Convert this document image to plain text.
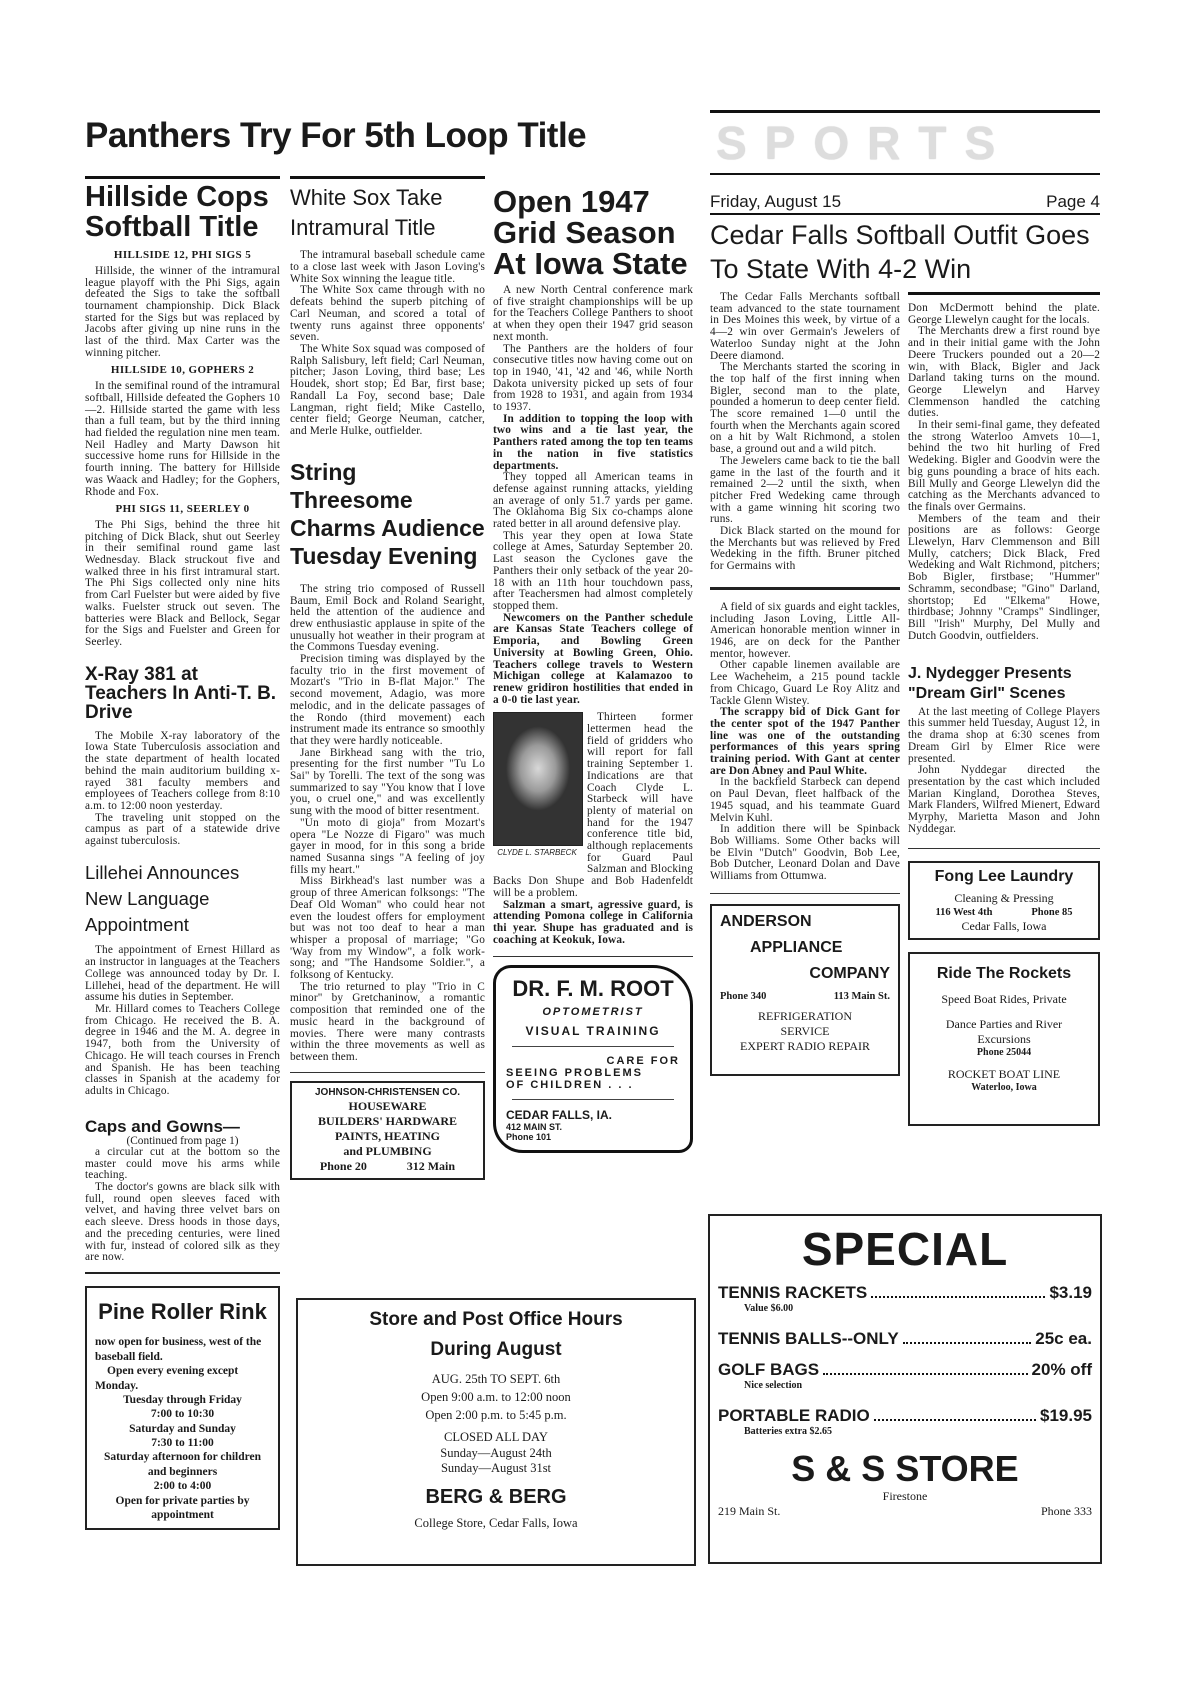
Panthers Try For 5th Loop Title	SPORTS
Friday, August 15	Page 4
Cedar Falls Softball Outfit Goes To State With 4-2 Win
Hillside Cops Softball Title

HILLSIDE 12, PHI SIGS 5

Hillside, the winner of the intramural league playoff with the Phi Sigs, again defeated the Sigs to take the softball tournament championship. Dick Black started for the Sigs but was replaced by Jacobs after giving up nine runs in the last of the third. Max Carter was the winning pitcher.

HILLSIDE 10, GOPHERS 2

In the semifinal round of the intramural softball, Hillside defeated the Gophers 10—2. Hillside started the game with less than a full team, but by the third inning had fielded the regulation nine men team. Neil Hadley and Marty Dawson hit successive home runs for Hillside in the fourth inning. The battery for Hillside was Waack and Hadley; for the Gophers, Rhode and Fox.

PHI SIGS 11, SEERLEY 0

The Phi Sigs, behind the three hit pitching of Dick Black, shut out Seerley in their semifinal round game last Wednesday. Black struckout five and walked three in his first intramural start. The Phi Sigs collected only nine hits from Carl Fuelster but were aided by five walks. Fuelster struck out seven. The batteries were Black and Bellock, Segar for the Sigs and Fuelster and Green for Seerley.

X-Ray 381 at Teachers In Anti-T. B. Drive

The Mobile X-ray laboratory of the Iowa State Tuberculosis association and the state department of health located behind the main auditorium building x-rayed 381 faculty members and employees of Teachers college from 8:10 a.m. to 12:00 noon yesterday.

The traveling unit stopped on the campus as part of a statewide drive against tuberculosis.

Lillehei Announces New Language Appointment

The appointment of Ernest Hillard as an instructor in languages at the Teachers College was announced today by Dr. I. Lillehei, head of the department. He will assume his duties in September.

Mr. Hillard comes to Teachers College from Chicago. He received the B. A. degree in 1946 and the M. A. degree in 1947, both from the University of Chicago. He will teach courses in French and Spanish. He has been teaching classes in Spanish at the academy for adults in Chicago.

Caps and Gowns—
(Continued from page 1)

a circular cut at the bottom so the master could move his arms while teaching.

The doctor's gowns are black silk with full, round open sleeves faced with velvet, and having three velvet bars on each sleeve. Dress hoods in those days, and the preceding centuries, were lined with fur, instead of colored silk as they are now.

Pine Roller Rink
now open for business, west of the baseball field.
Open every evening except Monday.
Tuesday through Friday
7:00 to 10:30
Saturday and Sunday
7:30 to 11:00
Saturday afternoon for children and beginners
2:00 to 4:00
Open for private parties by appointment
White Sox Take Intramural Title

The intramural baseball schedule came to a close last week with Jason Loving's White Sox winning the league title.

The White Sox came through with no defeats behind the superb pitching of Carl Neuman, and scored a total of twenty runs against three opponents' seven.

The White Sox squad was composed of Ralph Salisbury, left field; Carl Neuman, pitcher; Jason Loving, third base; Les Houdek, short stop; Ed Bar, first base; Randall La Foy, second base; Dale Langman, right field; Mike Castello, center field; George Neuman, catcher, and Merle Hulke, outfielder.

String Threesome Charms Audience Tuesday Evening

The string trio composed of Russell Baum, Emil Bock and Roland Searight, held the attention of the audience and drew enthusiastic applause in spite of the unusually hot weather in their program at the Commons Tuesday evening.

Precision timing was displayed by the faculty trio in the first movement of Mozart's "Trio in B-flat Major." The second movement, Adagio, was more melodic, and in the delicate passages of the Rondo (third movement) each instrument made its entrance so smoothly that they were hardly noticeable.

Jane Birkhead sang with the trio, presenting for the first number "Tu Lo Sai" by Torelli. The text of the song was summarized to say "You know that I love you, o cruel one," and was excellently sung with the mood of bitter resentment.

"Un moto di gioja" from Mozart's opera "Le Nozze di Figaro" was much gayer in mood, for in this song a bride named Susanna sings "A feeling of joy fills my heart."

Miss Birkhead's last number was a group of three American folksongs: "The Deaf Old Woman" who could hear not even the loudest offers for employment but was not too deaf to hear a man whisper a proposal of marriage; "Go 'Way from my Window", a folk work-song; and "The Handsome Soldier.", a folksong of Kentucky.

The trio returned to play "Trio in C minor" by Gretchaninow, a romantic composition that reminded one of the music heard in the background of movies. There were many contrasts within the three movements as well as between them.

JOHNSON-CHRISTENSEN CO.
HOUSEWARE
BUILDERS' HARDWARE
PAINTS, HEATING
and PLUMBING
Phone 20	312 Main
Open 1947 Grid Season At Iowa State

A new North Central conference mark of five straight championships will be up for the Teachers College Panthers to shoot at when they open their 1947 grid season next month.

The Panthers are the holders of four consecutive titles now having come out on top in 1940, '41, '42 and '46, while North Dakota university picked up sets of four from 1928 to 1931, and again from 1934 to 1937.

In addition to topping the loop with two wins and a tie last year, the Panthers rated among the top ten teams in the nation in five statistics departments.

They topped all American teams in defense against running attacks, yielding an average of only 51.7 yards per game. The Oklahoma Big Six co-champs alone rated better in all around defensive play.

This year they open at Iowa State college at Ames, Saturday September 20. Last season the Cyclones gave the Panthers their only setback of the year 20-18 with an 11th hour touchdown pass, after Teachersmen had almost completely stopped them.

Newcomers on the Panther schedule are Kansas State Teachers college of Emporia, and Bowling Green University at Bowling Green, Ohio. Teachers college travels to Western Michigan college at Kalamazoo to renew gridiron hostilities that ended in a 0-0 tie last year.

CLYDE L. STARBECK

Thirteen former lettermen head the field of gridders who will report for fall training September 1. Indications are that Coach Clyde L. Starbeck will have plenty of material on hand for the 1947 conference title bid, although replacements for Guard Paul Salzman and Blocking Backs Don Shupe and Bob Hadenfeldt will be a problem.

Salzman a smart, agressive guard, is attending Pomona college in California thi year. Shupe has graduated and is coaching at Keokuk, Iowa.

DR. F. M. ROOT
OPTOMETRIST
VISUAL TRAINING
CARE FOR
SEEING PROBLEMS
OF CHILDREN . . .
CEDAR FALLS, IA.
412 MAIN ST.
Phone 101
Store and Post Office Hours
During August
AUG. 25th TO SEPT. 6th
Open 9:00 a.m. to 12:00 noon
Open 2:00 p.m. to 5:45 p.m.
CLOSED ALL DAY
Sunday—August 24th
Sunday—August 31st
BERG & BERG
College Store, Cedar Falls, Iowa

The Cedar Falls Merchants softball team advanced to the state tournament in Des Moines this week, by virtue of a 4—2 win over Germain's Jewelers of Waterloo Sunday night at the John Deere diamond.

The Merchants started the scoring in the top half of the first inning when Bigler, second man to the plate, pounded a homerun to deep center field. The score remained 1—0 until the fourth when the Merchants again scored on a hit by Walt Richmond, a stolen base, a ground out and a wild pitch.

The Jewelers came back to tie the ball game in the last of the fourth and it remained 2—2 until the sixth, when pitcher Fred Wedeking came through with a game winning hit scoring two runs.

Dick Black started on the mound for the Merchants but was relieved by Fred Wedeking in the fifth. Bruner pitched for Germains with

A field of six guards and eight tackles, including Jason Loving, Little All-American honorable mention winner in 1946, are on deck for the Panther mentor, however.

Other capable linemen available are Lee Wacheheim, a 215 pound tackle from Chicago, Guard Le Roy Alitz and Tackle Glenn Wistey.

The scrappy bid of Dick Gant for the center spot of the 1947 Panther line was one of the outstanding performances of this years spring training period. With Gant at center are Don Abney and Paul White.

In the backfield Starbeck can depend on Paul Devan, fleet halfback of the 1945 squad, and his teammate Guard Melvin Kuhl.

In addition there will be Spinback Bob Williams. Some Other backs will be Elvin "Dutch" Goodvin, Bob Lee, Bob Dutcher, Leonard Dolan and Dave Williams from Ottumwa.

ANDERSON
APPLIANCE
COMPANY
Phone 340	113 Main St.
REFRIGERATION
SERVICE
EXPERT RADIO REPAIR

Don McDermott behind the plate. George Llewelyn caught for the locals.

The Merchants drew a first round bye and in their initial game with the John Deere Truckers pounded out a 20—2 win, with Black, Bigler and Jack Darland taking turns on the mound. George Llewelyn and Harvey Clemmenson handled the catching duties.

In their semi-final game, they defeated the strong Waterloo Amvets 10—1, behind the two hit hurling of Fred Wedeking. Bigler and Goodvin were the big guns pounding a brace of hits each. Bill Mully and George Llewelyn did the catching as the Merchants advanced to the finals over Germains.

Members of the team and their positions are as follows: George Llewelyn, Harv Clemmenson and Bill Mully, catchers; Dick Black, Fred Wedeking and Walt Richmond, pitchers; Bob Bigler, firstbase; "Hummer" Schramm, secondbase; "Gino" Darland, shortstop; Ed "Elkema" Howe, thirdbase; Johnny "Cramps" Sindlinger, Bill "Irish" Murphy, Del Mully and Dutch Goodvin, outfielders.

J. Nydegger Presents "Dream Girl" Scenes

At the last meeting of College Players this summer held Tuesday, August 12, in the drama shop at 6:30 scenes from Dream Girl by Elmer Rice were presented.

John Nyddegar directed the presentation by the cast which included Marian Kingland, Dorothea Steves, Mark Flanders, Wilfred Mienert, Edward Myrphy, Marietta Mason and John Nyddegar.

Fong Lee Laundry
Cleaning & Pressing
116 West 4th	Phone 85
Cedar Falls, Iowa
Ride The Rockets
Speed Boat Rides, Private
Dance Parties and River
Excursions
Phone 25044
ROCKET BOAT LINE
Waterloo, Iowa
SPECIAL
TENNIS RACKETS	$3.19
Value $6.00
TENNIS BALLS--ONLY	25c ea.
GOLF BAGS	20% off
Nice selection
PORTABLE RADIO	$19.95
Batteries extra $2.65
S & S STORE
Firestone
219 Main St.	Phone 333
